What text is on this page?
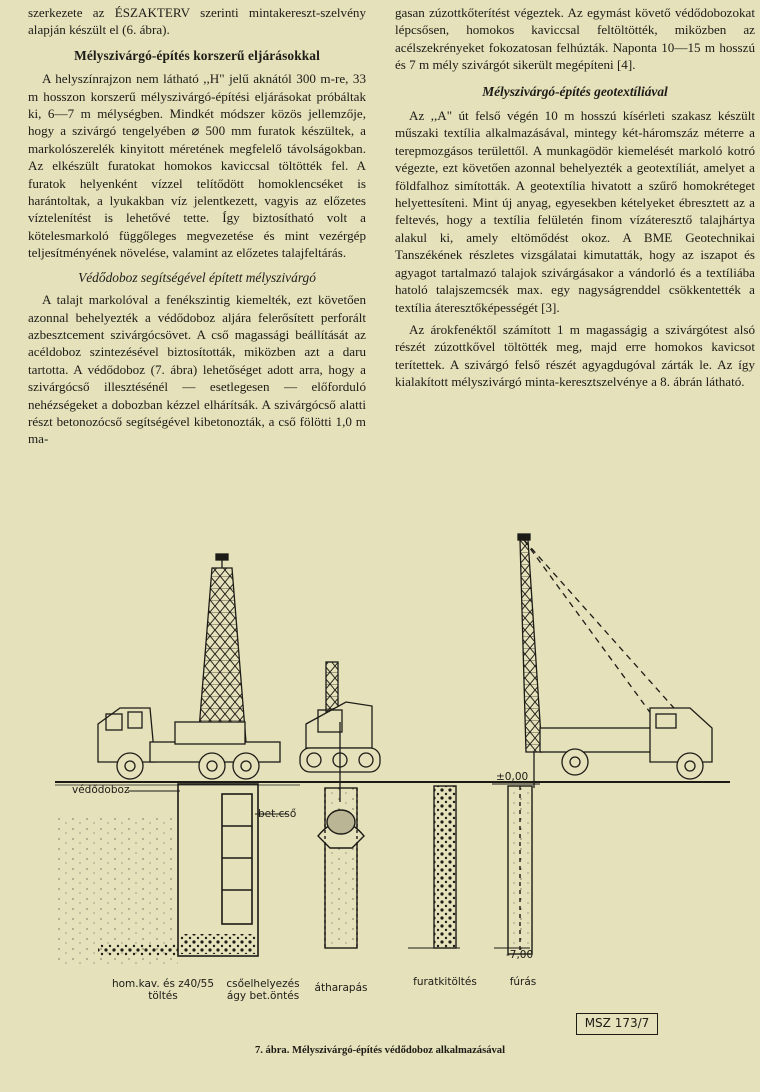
szerkezete az ÉSZAKTERV szerinti mintakereszt-szelvény alapján készült el (6. ábra).

Mélyszivárgó-építés korszerű eljárásokkal

A helyszínrajzon nem látható ,,H" jelű aknától 300 m-re, 33 m hosszon korszerű mélyszivárgó-építési eljárásokat próbáltak ki, 6—7 m mélységben. Mindkét módszer közös jellemzője, hogy a szivárgó tengelyében ⌀ 500 mm furatok készültek, a markolószerelék kinyitott méretének megfelelő távolságokban. Az elkészült furatokat homokos kaviccsal töltötték fel. A furatok helyenként vízzel telítődött homoklencséket is harántoltak, a lyukakban víz jelentkezett, vagyis az előzetes víztelenítést is lehetővé tette. Így biztosítható volt a kötelesmarkoló függőleges megvezetése és mint vezérgép teljesítményének növelése, valamint az előzetes talajfeltárás.

Védődoboz segítségével épített mélyszivárgó

A talajt markolóval a fenékszintig kiemelték, ezt követően azonnal behelyezték a védődoboz aljára felerősített perforált azbesztcement szivárgócsövet. A cső magassági beállítását az acéldoboz szintezésével biztosították, miközben azt a daru tartotta. A védődoboz (7. ábra) lehetőséget adott arra, hogy a szivárgócső illesztésénél — esetlegesen — előforduló nehézségeket a dobozban kézzel elhárítsák. A szivárgócső alatti részt betonozócső segítségével kibetonozták, a cső fölötti 1,0 m ma-

gasan zúzottkőterítést végeztek. Az egymást követő védődobozokat lépcsősen, homokos kaviccsal feltöltötték, miközben az acélszekrényeket fokozatosan felhúzták. Naponta 10—15 m hosszú és 7 m mély szivárgót sikerült megépíteni [4].

Mélyszivárgó-építés geotextíliával

Az ,,A" út felső végén 10 m hosszú kísérleti szakasz készült műszaki textília alkalmazásával, mintegy két-háromszáz méterre a terepmozgásos területtől. A munkagödör kiemelését markoló kotró végezte, ezt követően azonnal behelyezték a geotextíliát, amelyet a földfalhoz simították. A geotextília hivatott a szűrő homokréteget helyettesíteni. Mint új anyag, egyesekben kételyeket ébresztett az a feltevés, hogy a textília felületén finom vízáteresztő talajhártya alakul ki, amely eltömődést okoz. A BME Geotechnikai Tanszékének részletes vizsgálatai kimutatták, hogy az iszapot és agyagot tartalmazó talajok szivárgásakor a vándorló és a textíliába hatoló talajszemcsék max. egy nagyságrenddel csökkentették a textília áteresztőképességét [3].

Az árokfenéktől számított 1 m magasságig a szivárgótest alsó részét zúzottkővel töltötték meg, majd erre homokos kavicsot terítettek. A szivárgó felső részét agyagdugóval zárták le. Az így kialakított mélyszivárgó minta-keresztszelvénye a 8. ábrán látható.

védődoboz
bet.cső
±0,00
-7,00
hom.kav. és z40/55
töltés
csőelhelyezés
ágy bet.öntés
átharapás	furatkitöltés	fúrás
MSZ 173/7
7. ábra. Mélyszivárgó-építés védődoboz alkalmazásával
